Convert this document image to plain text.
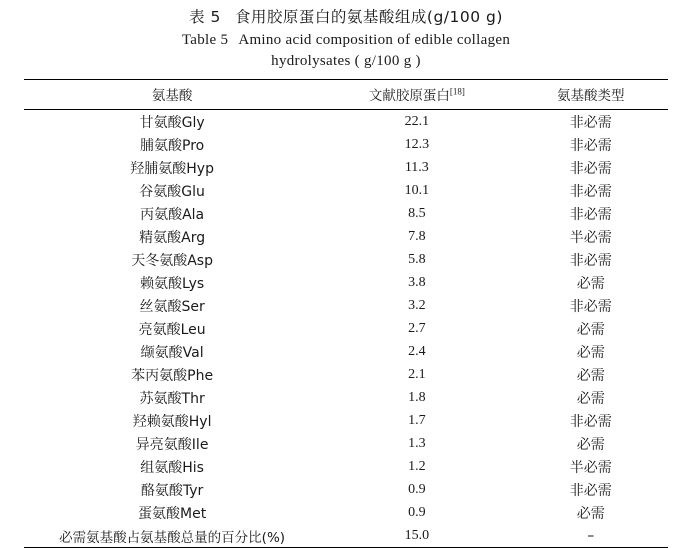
表 5 食用胶原蛋白的氨基酸组成(g/100 g)
Table 5 Amino acid composition of edible collagen
hydrolysates ( g/100 g )
氨基酸	文献胶原蛋白[18]	氨基酸类型
甘氨酸Gly	22.1	非必需
脯氨酸Pro	12.3	非必需
羟脯氨酸Hyp	11.3	非必需
谷氨酸Glu	10.1	非必需
丙氨酸Ala	8.5	非必需
精氨酸Arg	7.8	半必需
天冬氨酸Asp	5.8	非必需
赖氨酸Lys	3.8	必需
丝氨酸Ser	3.2	非必需
亮氨酸Leu	2.7	必需
缬氨酸Val	2.4	必需
苯丙氨酸Phe	2.1	必需
苏氨酸Thr	1.8	必需
羟赖氨酸Hyl	1.7	非必需
异亮氨酸Ile	1.3	必需
组氨酸His	1.2	半必需
酪氨酸Tyr	0.9	非必需
蛋氨酸Met	0.9	必需
必需氨基酸占氨基酸总量的百分比(%)	15.0	–
